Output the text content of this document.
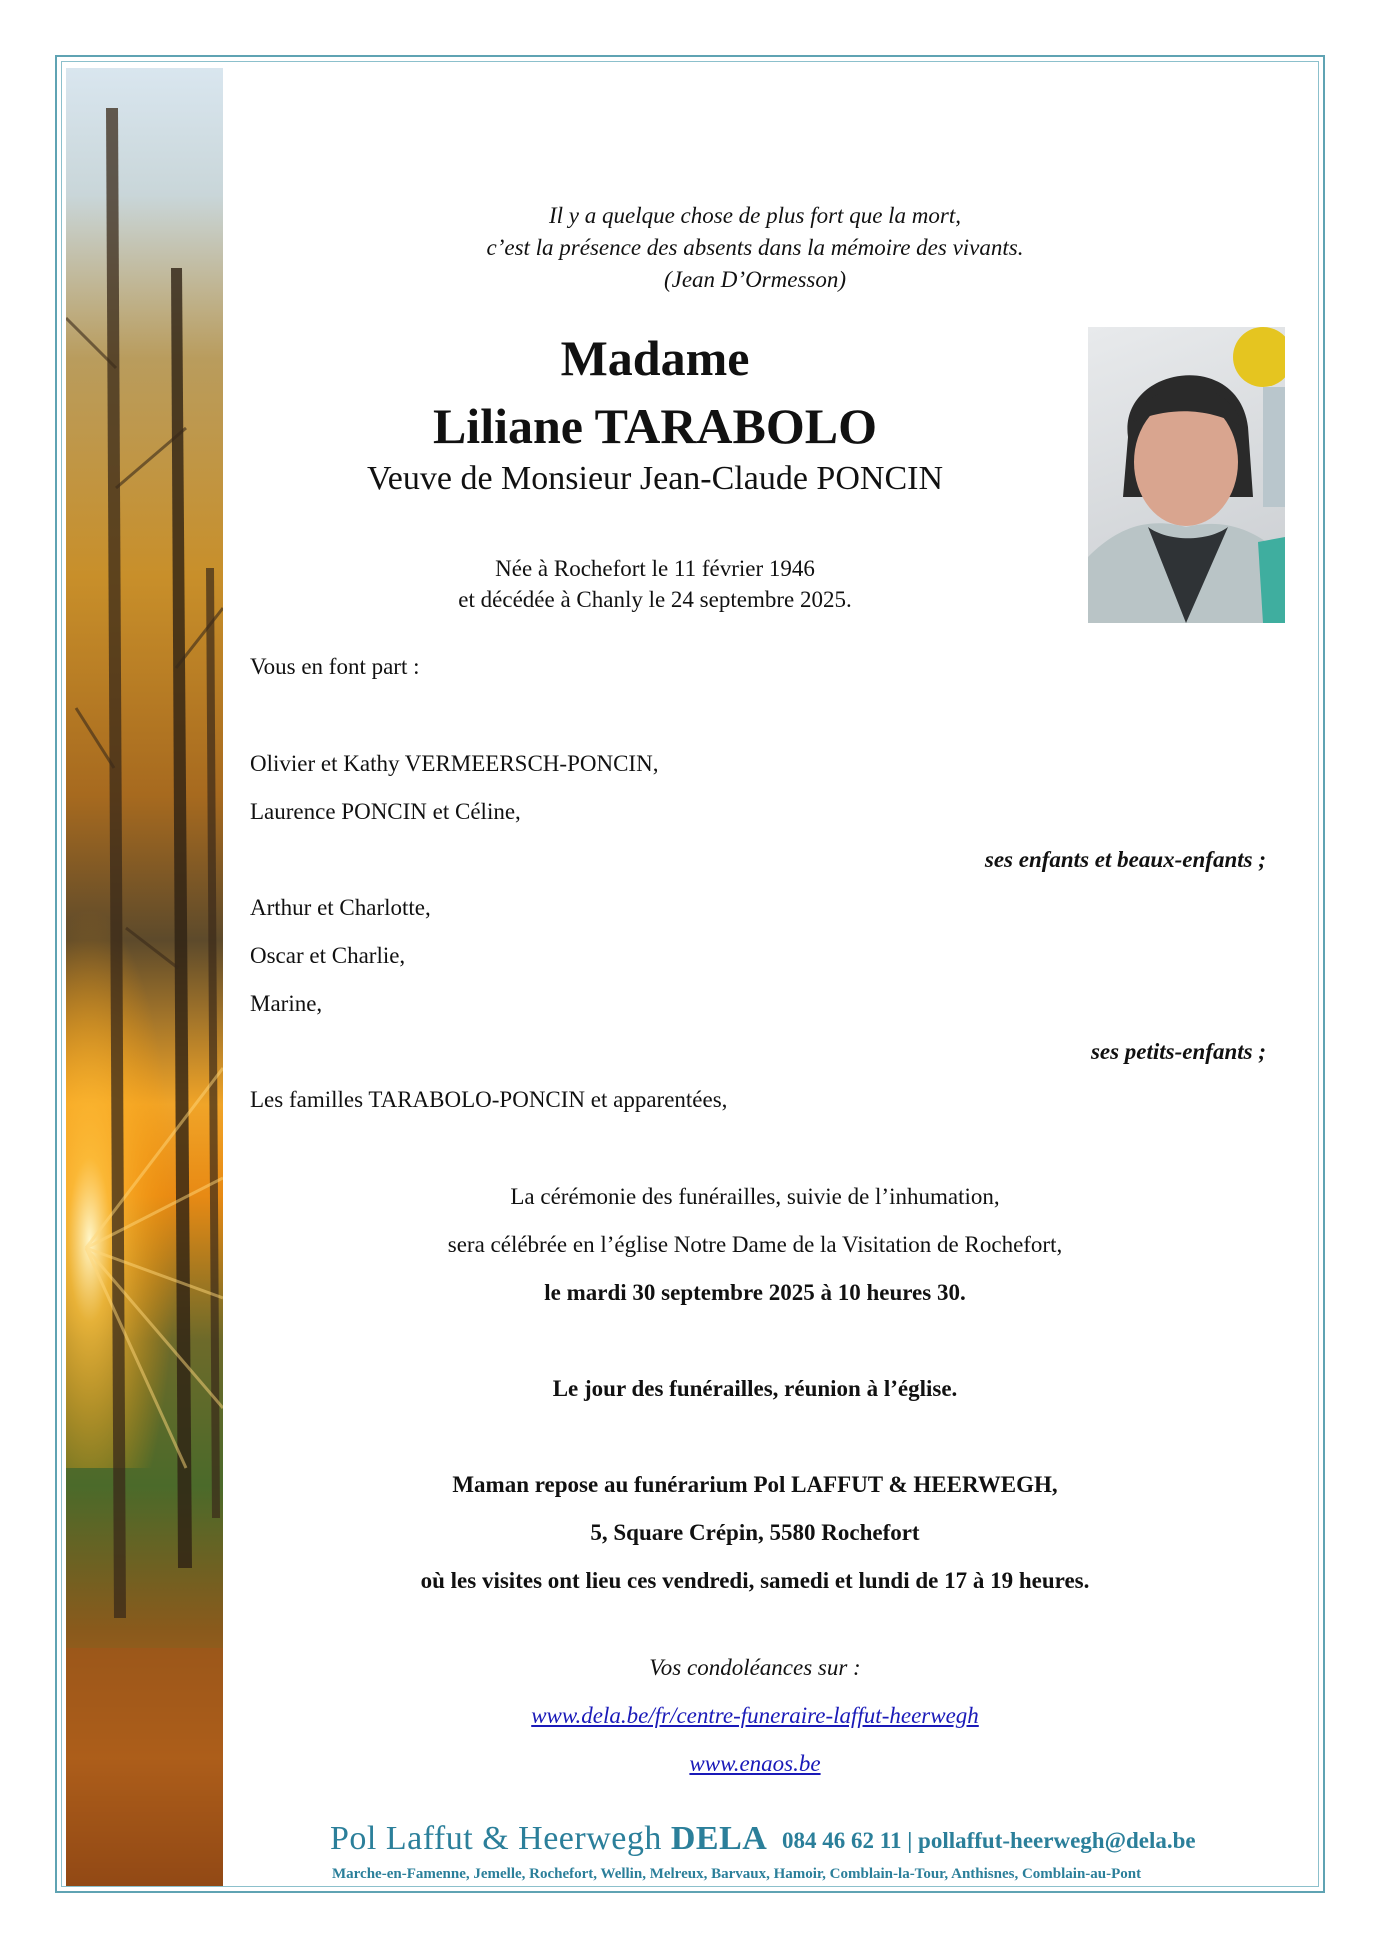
Il y a quelque chose de plus fort que la mort,
c’est la présence des absents dans la mémoire des vivants.
(Jean D’Ormesson)
Madame
Liliane TARABOLO
Veuve de Monsieur Jean-Claude PONCIN
Née à Rochefort le 11 février 1946
et décédée à Chanly le 24 septembre 2025.
Vous en font part :
Olivier et Kathy VERMEERSCH-PONCIN,
Laurence PONCIN et Céline,
ses enfants et beaux-enfants ;
Arthur et Charlotte,
Oscar et Charlie,
Marine,
ses petits-enfants ;
Les familles TARABOLO-PONCIN et apparentées,
La cérémonie des funérailles, suivie de l’inhumation,
sera célébrée en l’église Notre Dame de la Visitation de Rochefort,
le mardi 30 septembre 2025 à 10 heures 30.
Le jour des funérailles, réunion à l’église.
Maman repose au funérarium Pol LAFFUT & HEERWEGH,
5, Square Crépin, 5580 Rochefort
où les visites ont lieu ces vendredi, samedi et lundi de 17 à 19 heures.
Vos condoléances sur :
www.dela.be/fr/centre-funeraire-laffut-heerwegh
www.enaos.be
Pol Laffut & Heerwegh DELA 084 46 62 11 | pollaffut-heerwegh@dela.be
Marche-en-Famenne, Jemelle, Rochefort, Wellin, Melreux, Barvaux, Hamoir, Comblain-la-Tour, Anthisnes, Comblain-au-Pont
